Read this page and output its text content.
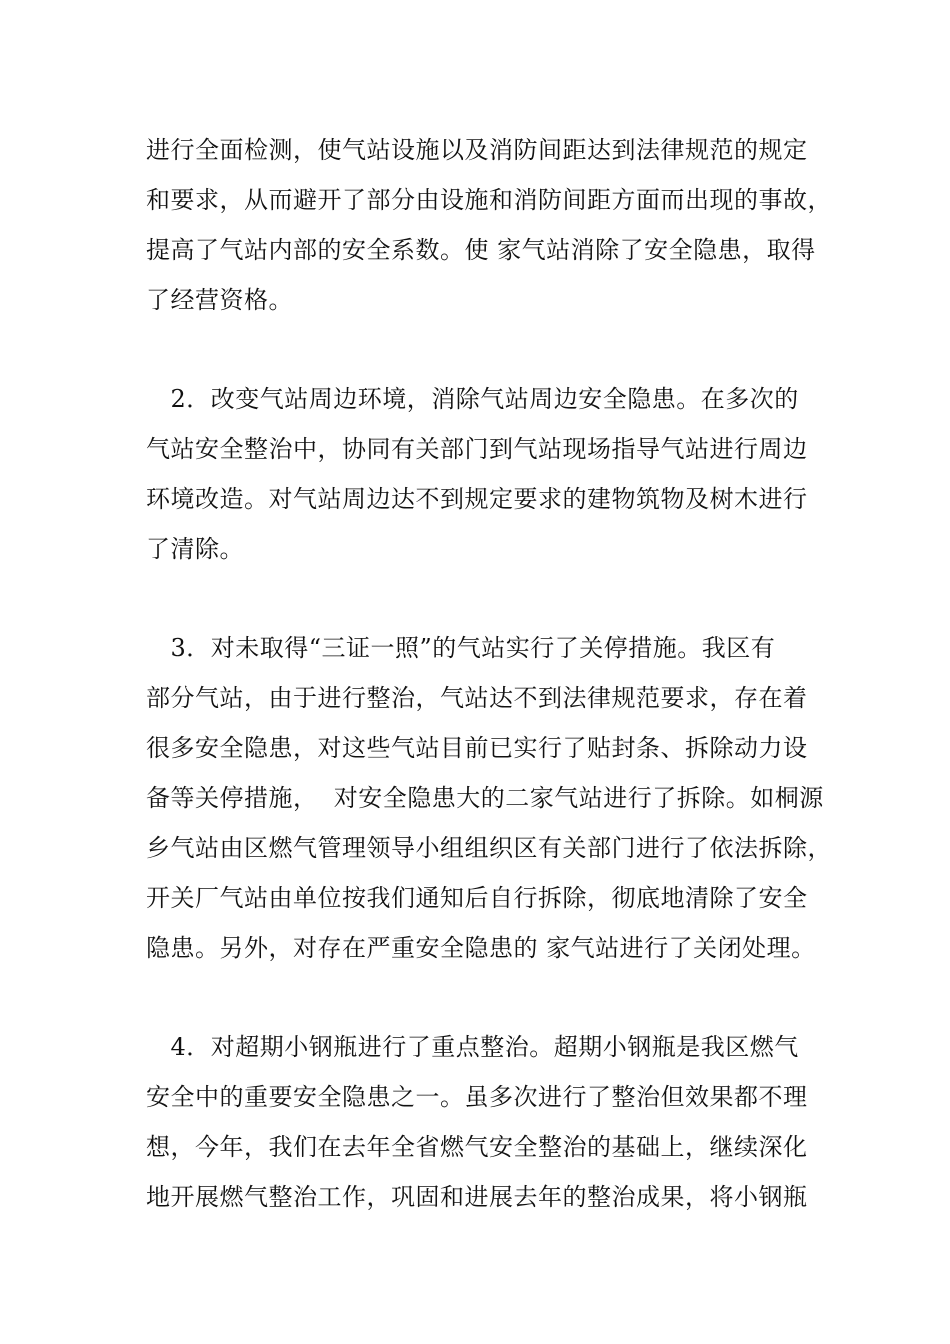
进行全面检测，使气站设施以及消防间距达到法律规范的规定
和要求，从而避开了部分由设施和消防间距方面而出现的事故，
提高了气站内部的安全系数。使 家气站消除了安全隐患，取得
了经营资格。
　2．改变气站周边环境，消除气站周边安全隐患。在多次的
气站安全整治中，协同有关部门到气站现场指导气站进行周边
环境改造。对气站周边达不到规定要求的建物筑物及树木进行
了清除。
　3．对未取得“三证一照”的气站实行了关停措施。我区有
部分气站，由于进行整治，气站达不到法律规范要求，存在着
很多安全隐患，对这些气站目前已实行了贴封条、拆除动力设
备等关停措施，  对安全隐患大的二家气站进行了拆除。如桐源
乡气站由区燃气管理领导小组组织区有关部门进行了依法拆除，
开关厂气站由单位按我们通知后自行拆除，彻底地清除了安全
隐患。另外，对存在严重安全隐患的 家气站进行了关闭处理。
　4．对超期小钢瓶进行了重点整治。超期小钢瓶是我区燃气
安全中的重要安全隐患之一。虽多次进行了整治但效果都不理
想，今年，我们在去年全省燃气安全整治的基础上，继续深化
地开展燃气整治工作，巩固和进展去年的整治成果，将小钢瓶
